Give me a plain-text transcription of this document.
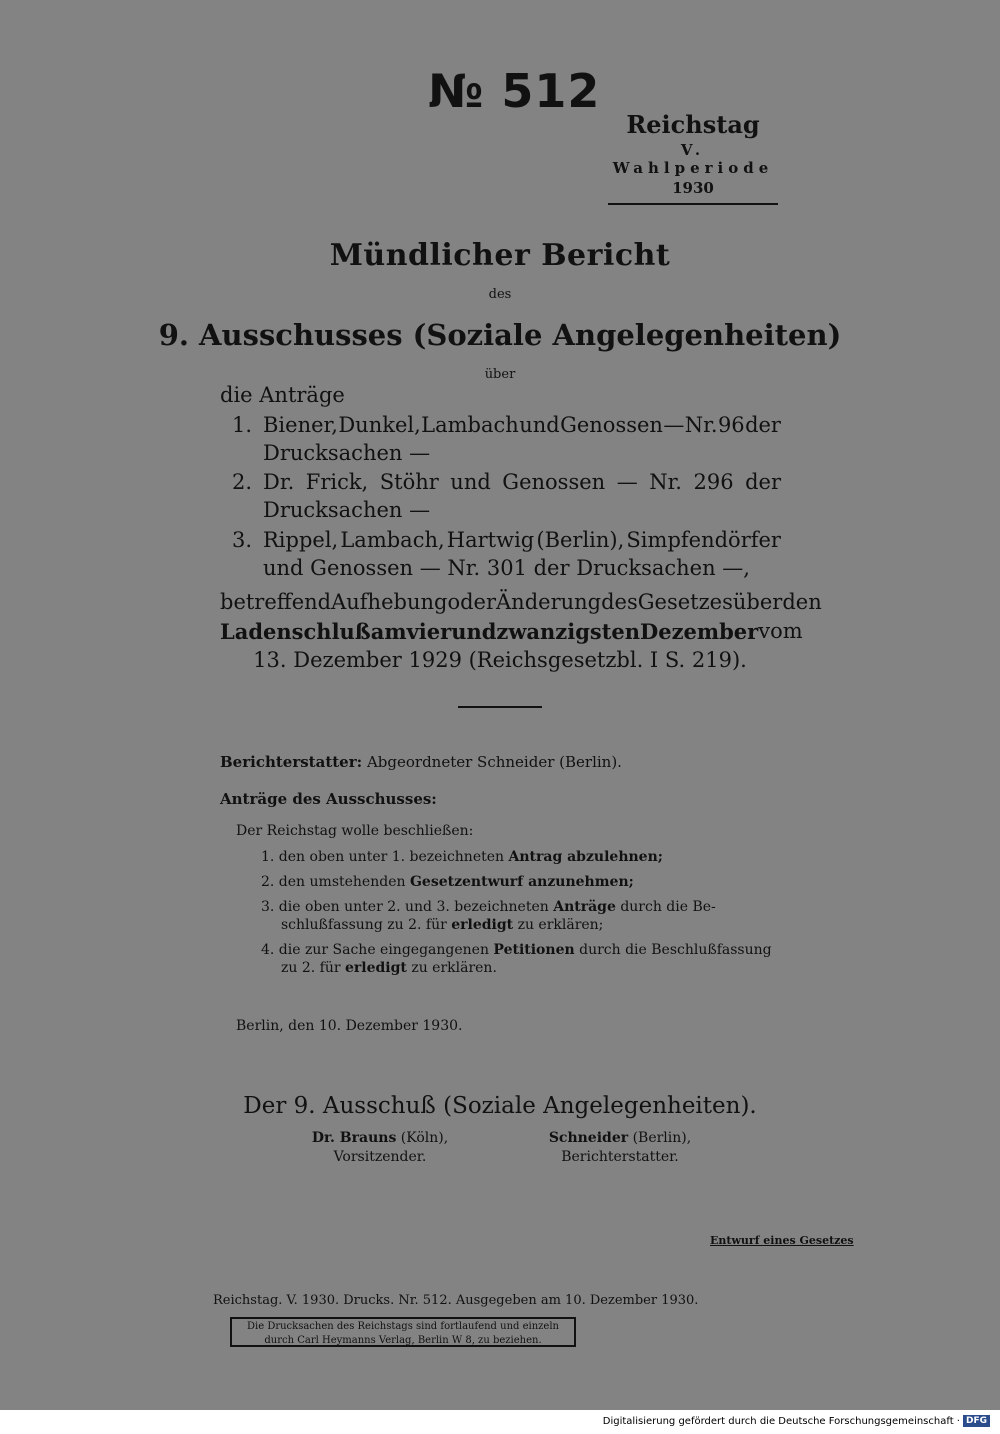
№ 512
Reichstag
V. Wahlperiode
1930
Mündlicher Bericht
des
9. Ausschusses (Soziale Angelegenheiten)
über
die Anträge
1. Biener, Dunkel, Lambach und Genossen — Nr. 96 der
Drucksachen —
2. Dr. Frick, Stöhr und Genossen — Nr. 296 der
Drucksachen —
3. Rippel, Lambach, Hartwig (Berlin), Simpfendörfer
und Genossen — Nr. 301 der Drucksachen —,
betreffend Aufhebung oder Änderung des Gesetzes über den
Ladenschluß am vierundzwanzigsten Dezember vom
13. Dezember 1929 (Reichsgesetzbl. I S. 219).
Berichterstatter: Abgeordneter Schneider (Berlin).
Anträge des Ausschusses:
Der Reichstag wolle beschließen:
1. den oben unter 1. bezeichneten Antrag abzulehnen;
2. den umstehenden Gesetzentwurf anzunehmen;
3. die oben unter 2. und 3. bezeichneten Anträge durch die Be-
schlußfassung zu 2. für erledigt zu erklären;
4. die zur Sache eingegangenen Petitionen durch die Beschlußfassung
zu 2. für erledigt zu erklären.
Berlin, den 10. Dezember 1930.
Der 9. Ausschuß (Soziale Angelegenheiten).
Dr. Brauns (Köln),
Vorsitzender.
Schneider (Berlin),
Berichterstatter.
Entwurf eines Gesetzes
Reichstag. V. 1930. Drucks. Nr. 512. Ausgegeben am 10. Dezember 1930.
Die Drucksachen des Reichstags sind fortlaufend und einzeln
durch Carl Heymanns Verlag, Berlin W 8, zu beziehen.
Digitalisierung gefördert durch die Deutsche Forschungsgemeinschaft · DFG
